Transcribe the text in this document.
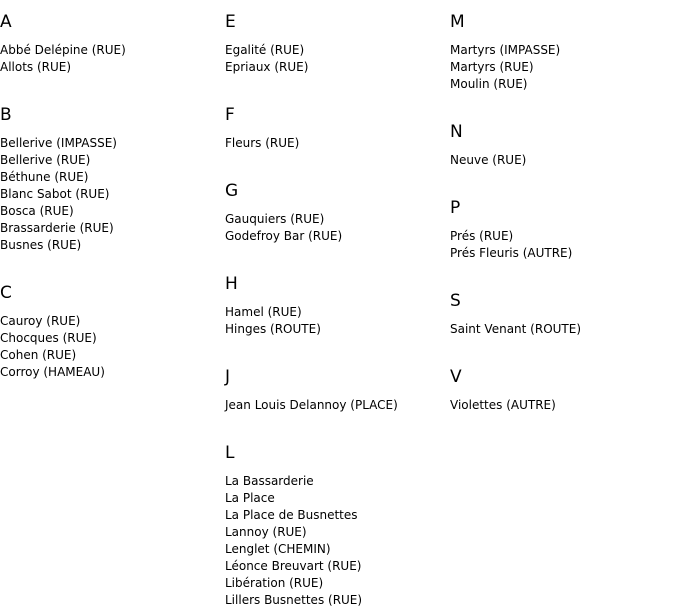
A
Abbé Delépine (RUE)
Allots (RUE)
B
Bellerive (IMPASSE)
Bellerive (RUE)
Béthune (RUE)
Blanc Sabot (RUE)
Bosca (RUE)
Brassarderie (RUE)
Busnes (RUE)
C
Cauroy (RUE)
Chocques (RUE)
Cohen (RUE)
Corroy (HAMEAU)
E
Egalité (RUE)
Epriaux (RUE)
F
Fleurs (RUE)
G
Gauquiers (RUE)
Godefroy Bar (RUE)
H
Hamel (RUE)
Hinges (ROUTE)
J
Jean Louis Delannoy (PLACE)
L
La Bassarderie
La Place
La Place de Busnettes
Lannoy (RUE)
Lenglet (CHEMIN)
Léonce Breuvart (RUE)
Libération (RUE)
Lillers Busnettes (RUE)
M
Martyrs (IMPASSE)
Martyrs (RUE)
Moulin (RUE)
N
Neuve (RUE)
P
Prés (RUE)
Prés Fleuris (AUTRE)
S
Saint Venant (ROUTE)
V
Violettes (AUTRE)
